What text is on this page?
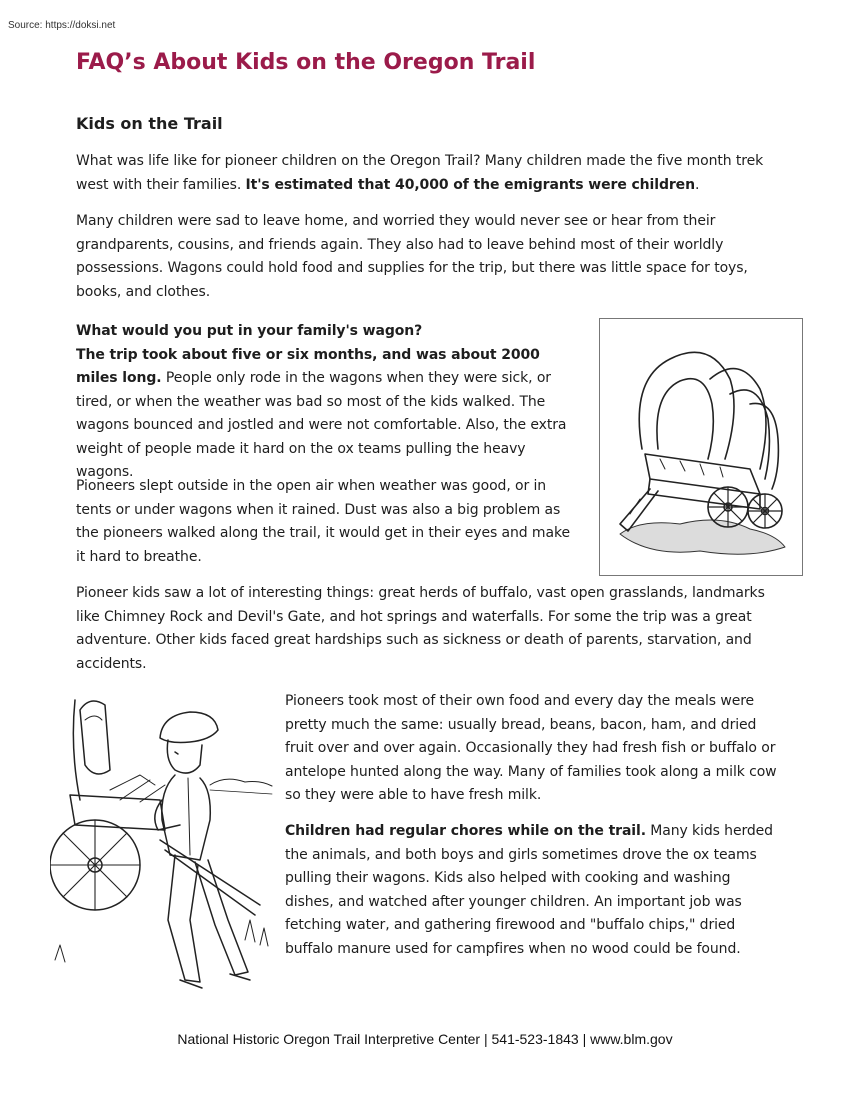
Source: https://doksi.net
FAQ’s About Kids on the Oregon Trail
Kids on the Trail

What was life like for pioneer children on the Oregon Trail? Many children made the five month trek west with their families. It's estimated that 40,000 of the emigrants were children.

Many children were sad to leave home, and worried they would never see or hear from their grandparents, cousins, and friends again. They also had to leave behind most of their worldly possessions. Wagons could hold food and supplies for the trip, but there was little space for toys, books, and clothes.

What would you put in your family's wagon?
The trip took about five or six months, and was about 2000 miles long. People only rode in the wagons when they were sick, or tired, or when the weather was bad so most of the kids walked. The wagons bounced and jostled and were not comfortable. Also, the extra weight of people made it hard on the ox teams pulling the heavy wagons.

Pioneers slept outside in the open air when weather was good, or in tents or under wagons when it rained. Dust was also a big problem as the pioneers walked along the trail, it would get in their eyes and make it hard to breathe.

Pioneer kids saw a lot of interesting things: great herds of buffalo, vast open grasslands, landmarks like Chimney Rock and Devil's Gate, and hot springs and waterfalls. For some the trip was a great adventure. Other kids faced great hardships such as sickness or death of parents, starvation, and accidents.

Pioneers took most of their own food and every day the meals were pretty much the same: usually bread, beans, bacon, ham, and dried fruit over and over again. Occasionally they had fresh fish or buffalo or antelope hunted along the way. Many of families took along a milk cow so they were able to have fresh milk.

Children had regular chores while on the trail. Many kids herded the animals, and both boys and girls sometimes drove the ox teams pulling their wagons. Kids also helped with cooking and washing dishes, and watched after younger children. An important job was fetching water, and gathering firewood and "buffalo chips," dried buffalo manure used for campfires when no wood could be found.

National Historic Oregon Trail Interpretive Center | 541-523-1843 | www.blm.gov
